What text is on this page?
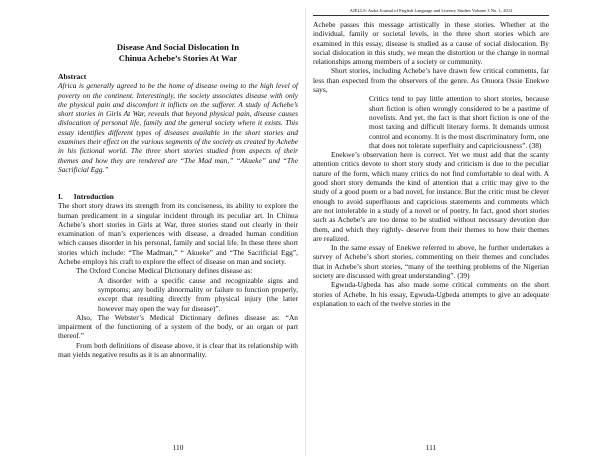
Disease And Social Dislocation In
Chinua Achebe’s Stories At War
Abstract

Africa is generally agreed to be the home of disease owing to the high level of poverty on the continent. Interestingly, the society associates disease with only the physical pain and discomfort it inflicts on the sufferer. A study of Achebe’s short stories in Girls At War, reveals that beyond physical pain, disease causes dislocation of personal life, family and the general society where it exists. This essay identifies different types of diseases available in the short stories and examines their effect on the various segments of the society as created by Achebe in his fictional world. The three short stories studied from aspects of their themes and how they are rendered are “The Mad man,” “Akueke” and “The Sacrificial Egg.”

I.      Introduction

The short story draws its strength from its conciseness, its ability to explore the human predicament in a singular incident through its peculiar art. In Chinua Achebe’s short stories in Girls at War, three stories stand out clearly in their examination of man’s experiences with disease, a dreaded human condition which causes disorder in his personal, family and social life. In these three short stories which include: “The Madman,” “ Akueke” and “The Sacrificial Egg”, Achebe employs his craft to explore the effect of disease on man and society.

The Oxford Concise Medical Dictionary defines disease as:

A disorder with a specific cause and recognizable signs and symptoms; any bodily abnormality or failure to function properly, except that resulting directly from physical injury (the latter however may open the way for disease)”.

Also, The Webster’s Medical Dictionary defines disease as: “An impairment of the functioning of a system of the body, or an organ or part thereof.”

From both definitions of disease above, it is clear that its relationship with man yields negative results as it is an abnormality.

110
AJELLS: Awka Journal of English Language and Literary Studies Volume 3 No. 1, 2012

Achebe passes this message artistically in these stories. Whether at the individual, family or societal levels, in the three short stories which are examined in this essay, disease is studied as a cause of social dislocation. By social dislocation in this study, we mean the distortion or the change in normal relationships among members of a society or community.

Short stories, including Achebe’s have drawn few critical comments, far less than expected from the observers of the genre. As Onuora Ossie Enekwe says,

Critics tend to pay little attention to short stories, because short fiction is often wrongly considered to be a pastime of novelists. And yet, the fact is that short fiction is one of the most taxing and difficult literary forms. It demands utmost control and economy. It is the most discriminatory form, one that does not tolerate superfluity and capriciousness”. (38)

Enekwe’s observation here is correct. Yet we must add that the scanty attention critics devote to short story study and criticism is due to the peculiar nature of the form, which many critics do not find comfortable to deal with. A good short story demands the kind of attention that a critic may give to the study of a good poem or a bad novel, for instance. But the critic must be clever enough to avoid superfluous and capricious statements and comments which are not intolerable in a study of a novel or of poetry. In fact, good short stories such as Achebe’s are too dense to be studied without necessary devotion due them, and which they rightly- deserve from their themes to how their themes are realized.

In the same essay of Enekwe referred to above, he further undertakes a survey of Achebe’s short stories, commenting on their themes and concludes that in Achebe’s short stories, “many of the teething problems of the Nigerian society are discussed with great understanding”. (39)

Egwuda-Ugbeda has also made some critical comments on the short stories of Achebe. In his essay, Egwuda-Ugbeda attempts to give an adequate explanation to each of the twelve stories in the

111
